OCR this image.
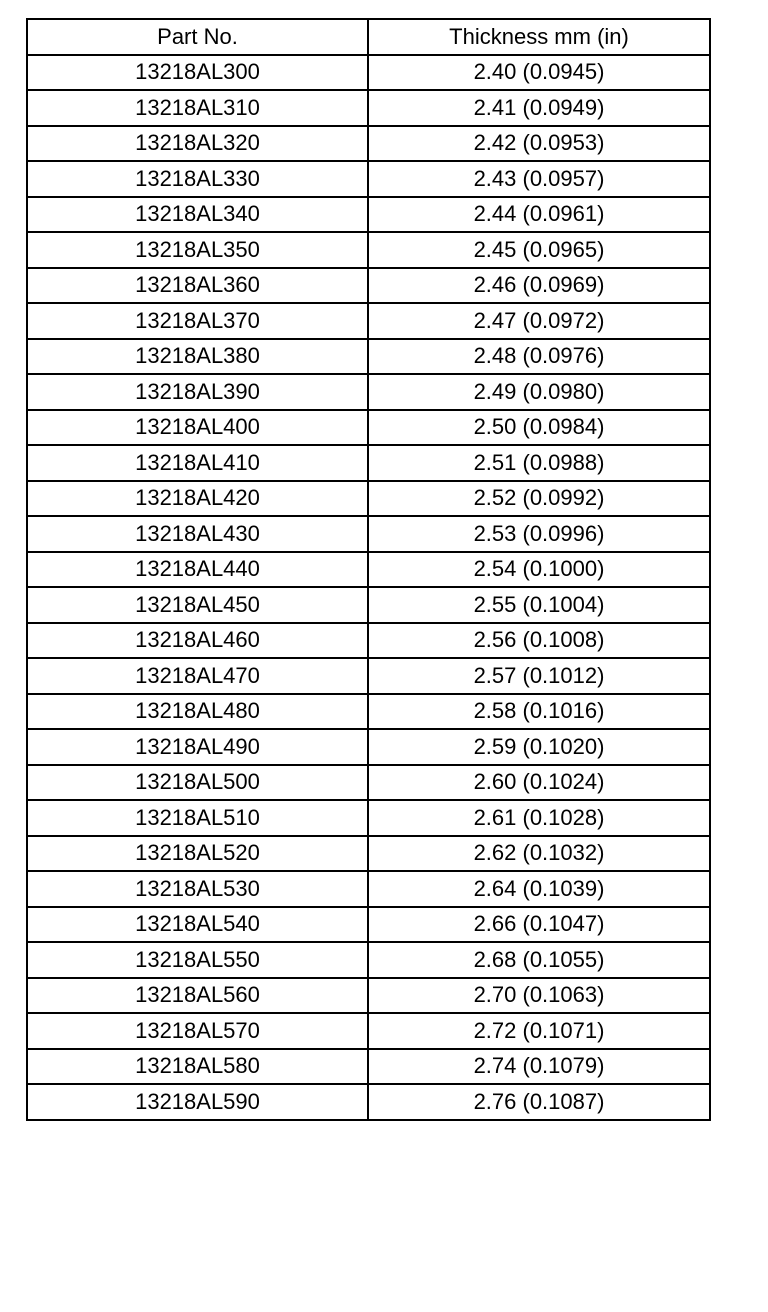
Part No.	Thickness mm (in)
13218AL300	2.40 (0.0945)
13218AL310	2.41 (0.0949)
13218AL320	2.42 (0.0953)
13218AL330	2.43 (0.0957)
13218AL340	2.44 (0.0961)
13218AL350	2.45 (0.0965)
13218AL360	2.46 (0.0969)
13218AL370	2.47 (0.0972)
13218AL380	2.48 (0.0976)
13218AL390	2.49 (0.0980)
13218AL400	2.50 (0.0984)
13218AL410	2.51 (0.0988)
13218AL420	2.52 (0.0992)
13218AL430	2.53 (0.0996)
13218AL440	2.54 (0.1000)
13218AL450	2.55 (0.1004)
13218AL460	2.56 (0.1008)
13218AL470	2.57 (0.1012)
13218AL480	2.58 (0.1016)
13218AL490	2.59 (0.1020)
13218AL500	2.60 (0.1024)
13218AL510	2.61 (0.1028)
13218AL520	2.62 (0.1032)
13218AL530	2.64 (0.1039)
13218AL540	2.66 (0.1047)
13218AL550	2.68 (0.1055)
13218AL560	2.70 (0.1063)
13218AL570	2.72 (0.1071)
13218AL580	2.74 (0.1079)
13218AL590	2.76 (0.1087)
